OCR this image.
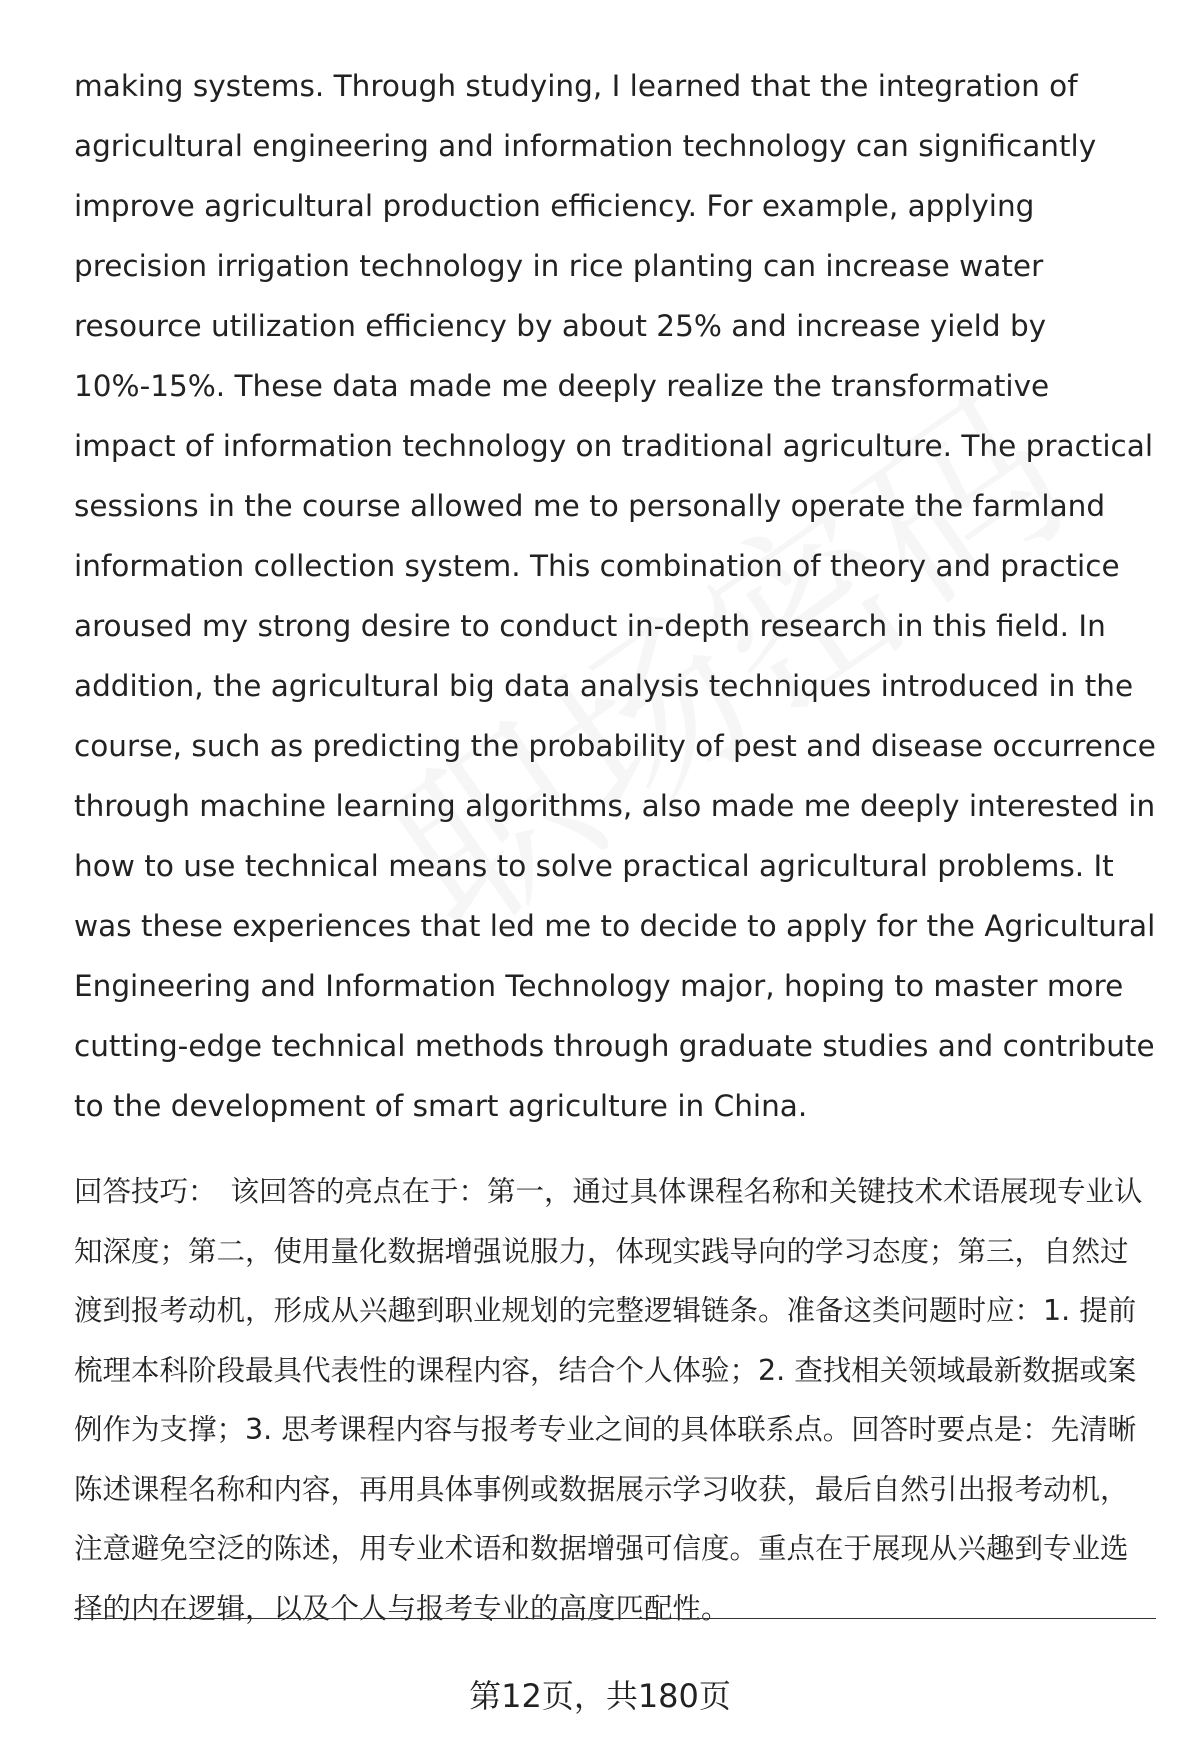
making systems. Through studying, I learned that the integration of agricultural engineering and information technology can significantly improve agricultural production efficiency. For example, applying precision irrigation technology in rice planting can increase water resource utilization efficiency by about 25% and increase yield by 10%-15%. These data made me deeply realize the transformative impact of information technology on traditional agriculture. The practical sessions in the course allowed me to personally operate the farmland information collection system. This combination of theory and practice aroused my strong desire to conduct in-depth research in this field. In addition, the agricultural big data analysis techniques introduced in the course, such as predicting the probability of pest and disease occurrence through machine learning algorithms, also made me deeply interested in how to use technical means to solve practical agricultural problems. It was these experiences that led me to decide to apply for the Agricultural Engineering and Information Technology major, hoping to master more cutting-edge technical methods through graduate studies and contribute to the development of smart agriculture in China.

回答技巧： 该回答的亮点在于：第一，通过具体课程名称和关键技术术语展现专业认知深度；第二，使用量化数据增强说服力，体现实践导向的学习态度；第三，自然过渡到报考动机，形成从兴趣到职业规划的完整逻辑链条。准备这类问题时应：1. 提前梳理本科阶段最具代表性的课程内容，结合个人体验；2. 查找相关领域最新数据或案例作为支撑；3. 思考课程内容与报考专业之间的具体联系点。回答时要点是：先清晰陈述课程名称和内容，再用具体事例或数据展示学习收获，最后自然引出报考动机，注意避免空泛的陈述，用专业术语和数据增强可信度。重点在于展现从兴趣到专业选择的内在逻辑，以及个人与报考专业的高度匹配性。

第12页，共180页
